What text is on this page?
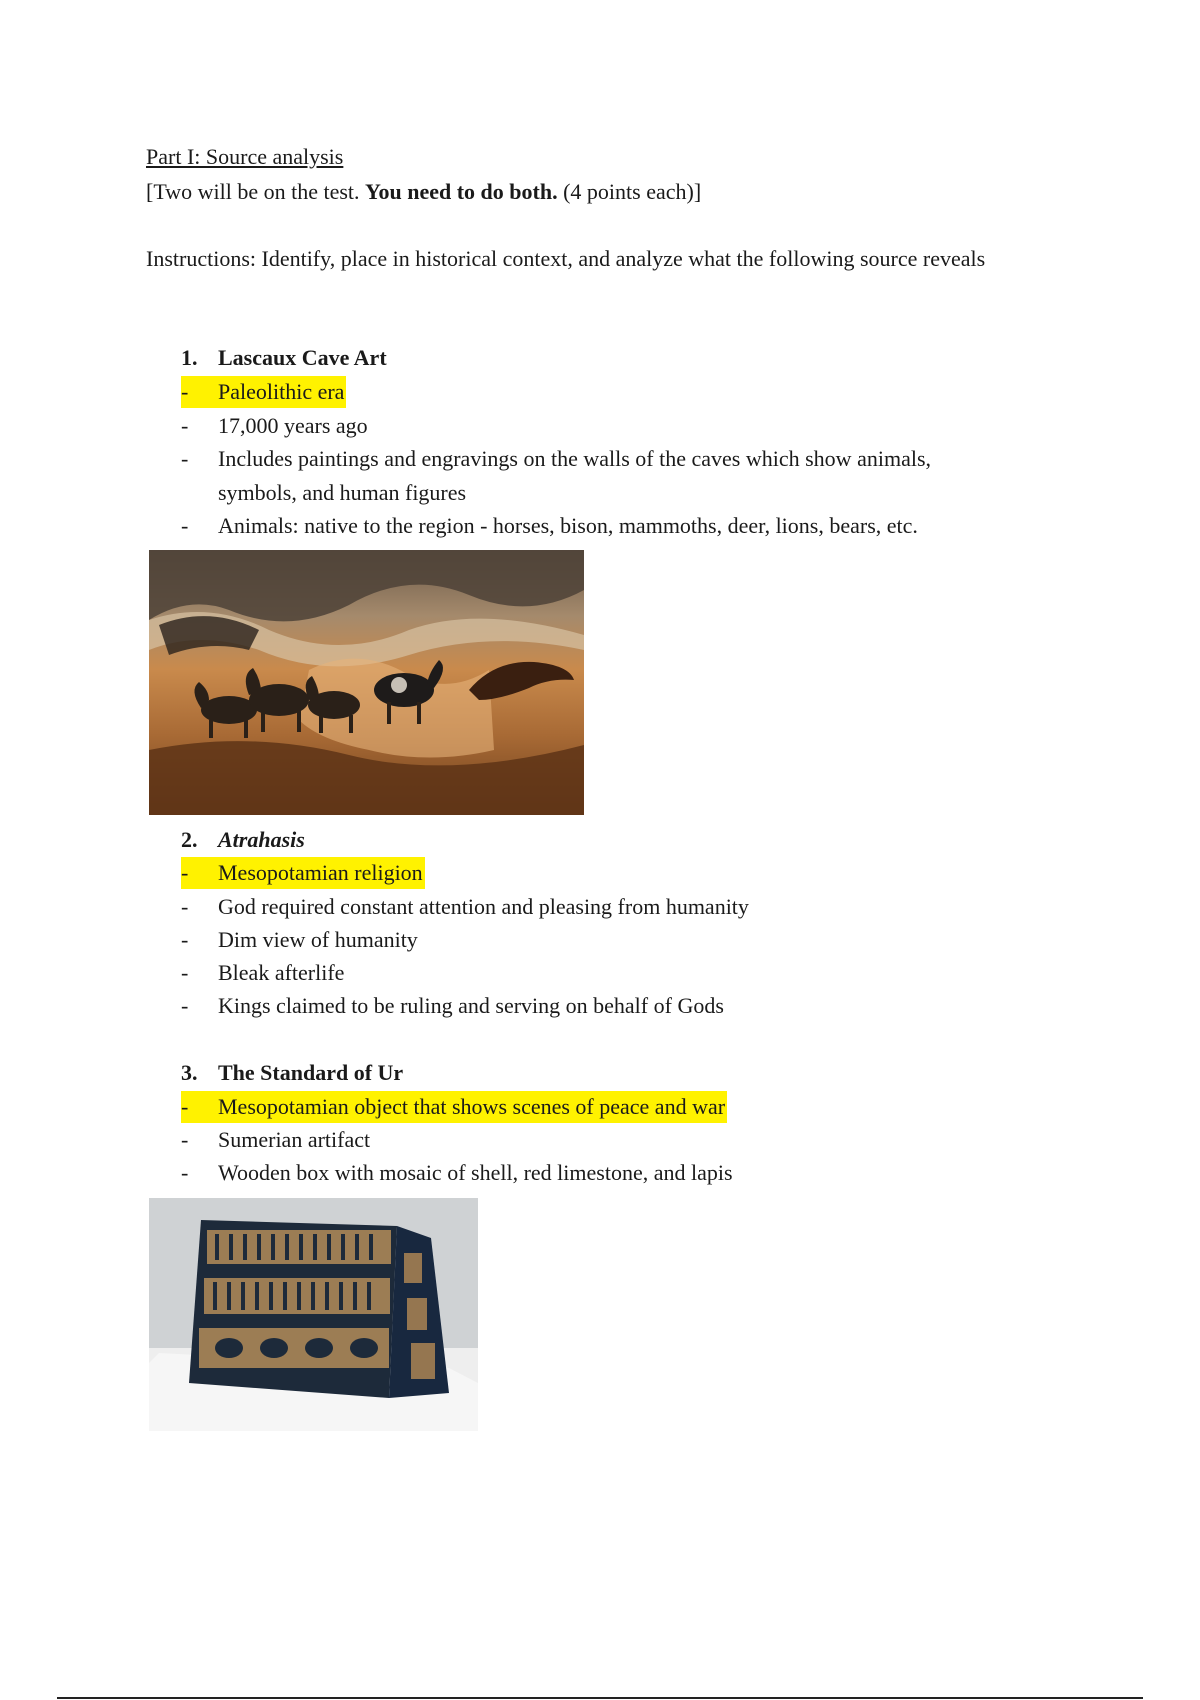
Part I: Source analysis
[Two will be on the test. You need to do both. (4 points each)]
Instructions: Identify, place in historical context, and analyze what the following source reveals
1. Lascaux Cave Art
- Paleolithic era
- 17,000 years ago
- Includes paintings and engravings on the walls of the caves which show animals,
symbols, and human figures
- Animals: native to the region - horses, bison, mammoths, deer, lions, bears, etc.
2. Atrahasis
- Mesopotamian religion
- God required constant attention and pleasing from humanity
- Dim view of humanity
- Bleak afterlife
- Kings claimed to be ruling and serving on behalf of Gods
3. The Standard of Ur
- Mesopotamian object that shows scenes of peace and war
- Sumerian artifact
- Wooden box with mosaic of shell, red limestone, and lapis
